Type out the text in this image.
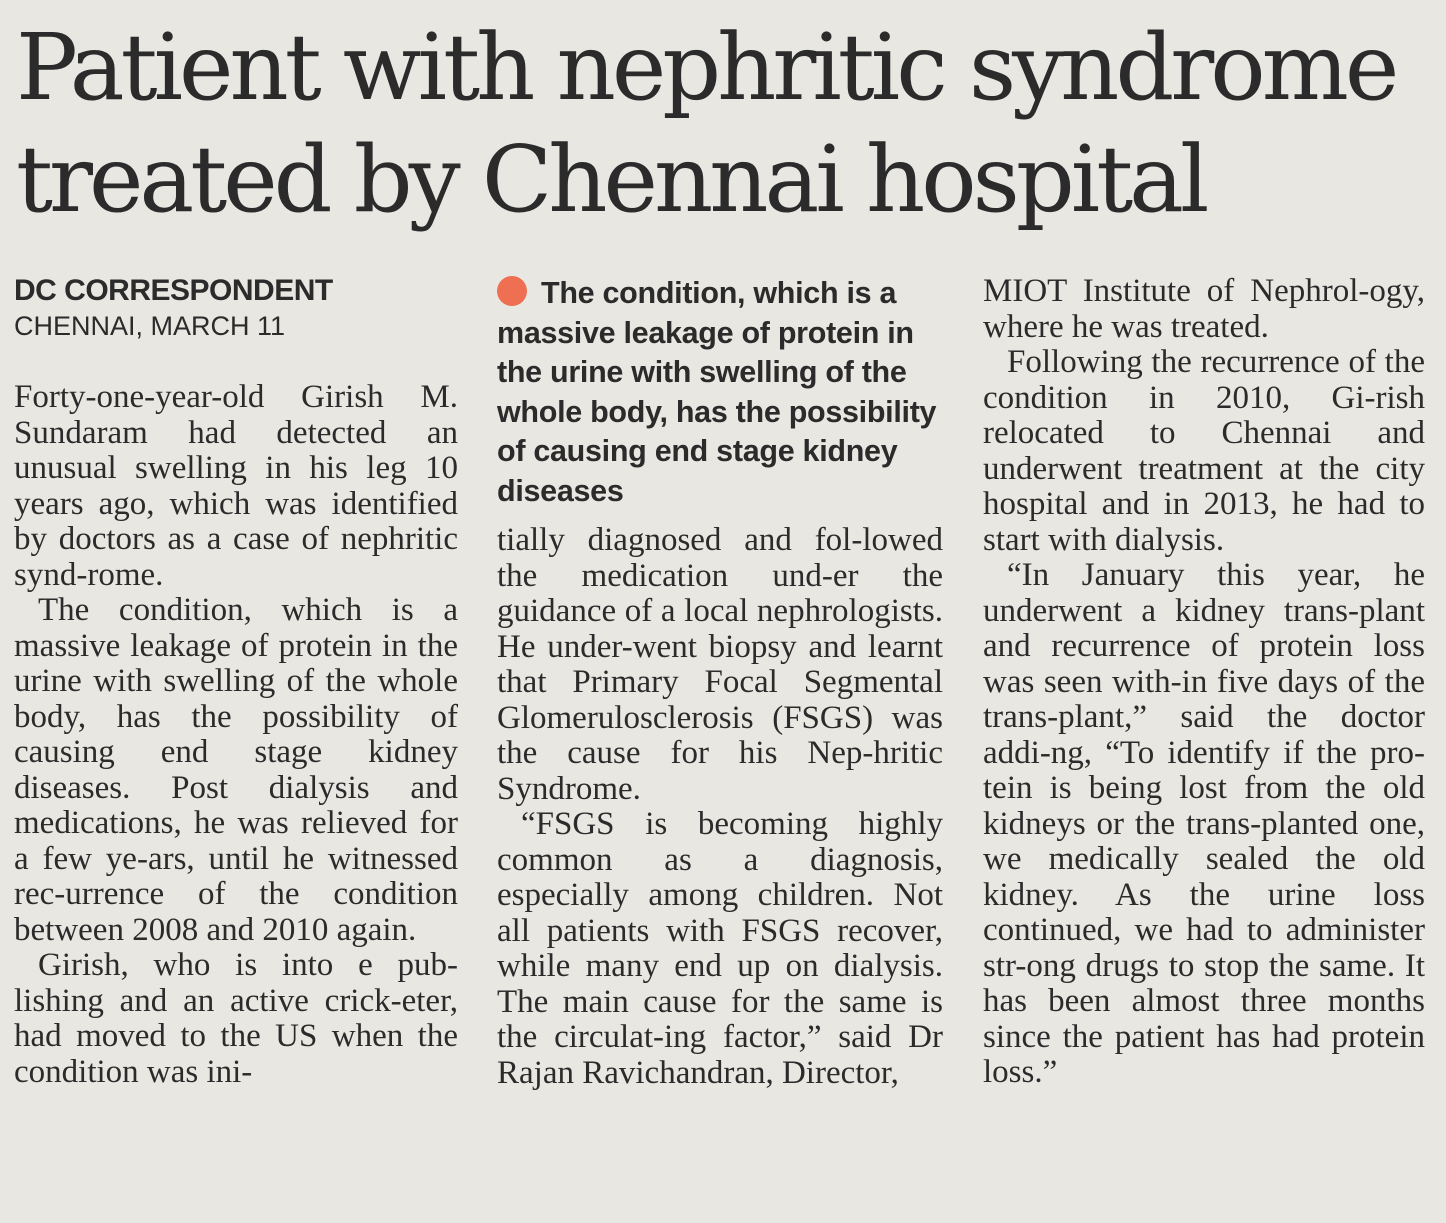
Patient with nephritic syndrome
treated by Chennai hospital
DC CORRESPONDENT
CHENNAI, MARCH 11

Forty-one-year-old Girish M. Sundaram had detected an unusual swelling in his leg 10 years ago, which was identified by doctors as a case of nephritic synd-rome.

The condition, which is a massive leakage of protein in the urine with swelling of the whole body, has the possibility of causing end stage kidney diseases. Post dialysis and medications, he was relieved for a few ye-ars, until he witnessed rec-urrence of the condition between 2008 and 2010 again.

Girish, who is into e pub-lishing and an active crick-eter, had moved to the US when the condition was ini-

The condition, which is a massive leakage of protein in the urine with swelling of the whole body, has the possibility of causing end stage kidney diseases

tially diagnosed and fol-lowed the medication und-er the guidance of a local nephrologists. He under-went biopsy and learnt that Primary Focal Segmental Glomerulosclerosis (FSGS) was the cause for his Nep-hritic Syndrome.

“FSGS is becoming highly common as a diagnosis, especially among children. Not all patients with FSGS recover, while many end up on dialysis. The main cause for the same is the circulat-ing factor,” said Dr Rajan Ravichandran, Director,

MIOT Institute of Nephrol-ogy, where he was treated.

Following the recurrence of the condition in 2010, Gi-rish relocated to Chennai and underwent treatment at the city hospital and in 2013, he had to start with dialysis.

“In January this year, he underwent a kidney trans-plant and recurrence of protein loss was seen with-in five days of the trans-plant,” said the doctor addi-ng, “To identify if the pro-tein is being lost from the old kidneys or the trans-planted one, we medically sealed the old kidney. As the urine loss continued, we had to administer str-ong drugs to stop the same. It has been almost three months since the patient has had protein loss.”
